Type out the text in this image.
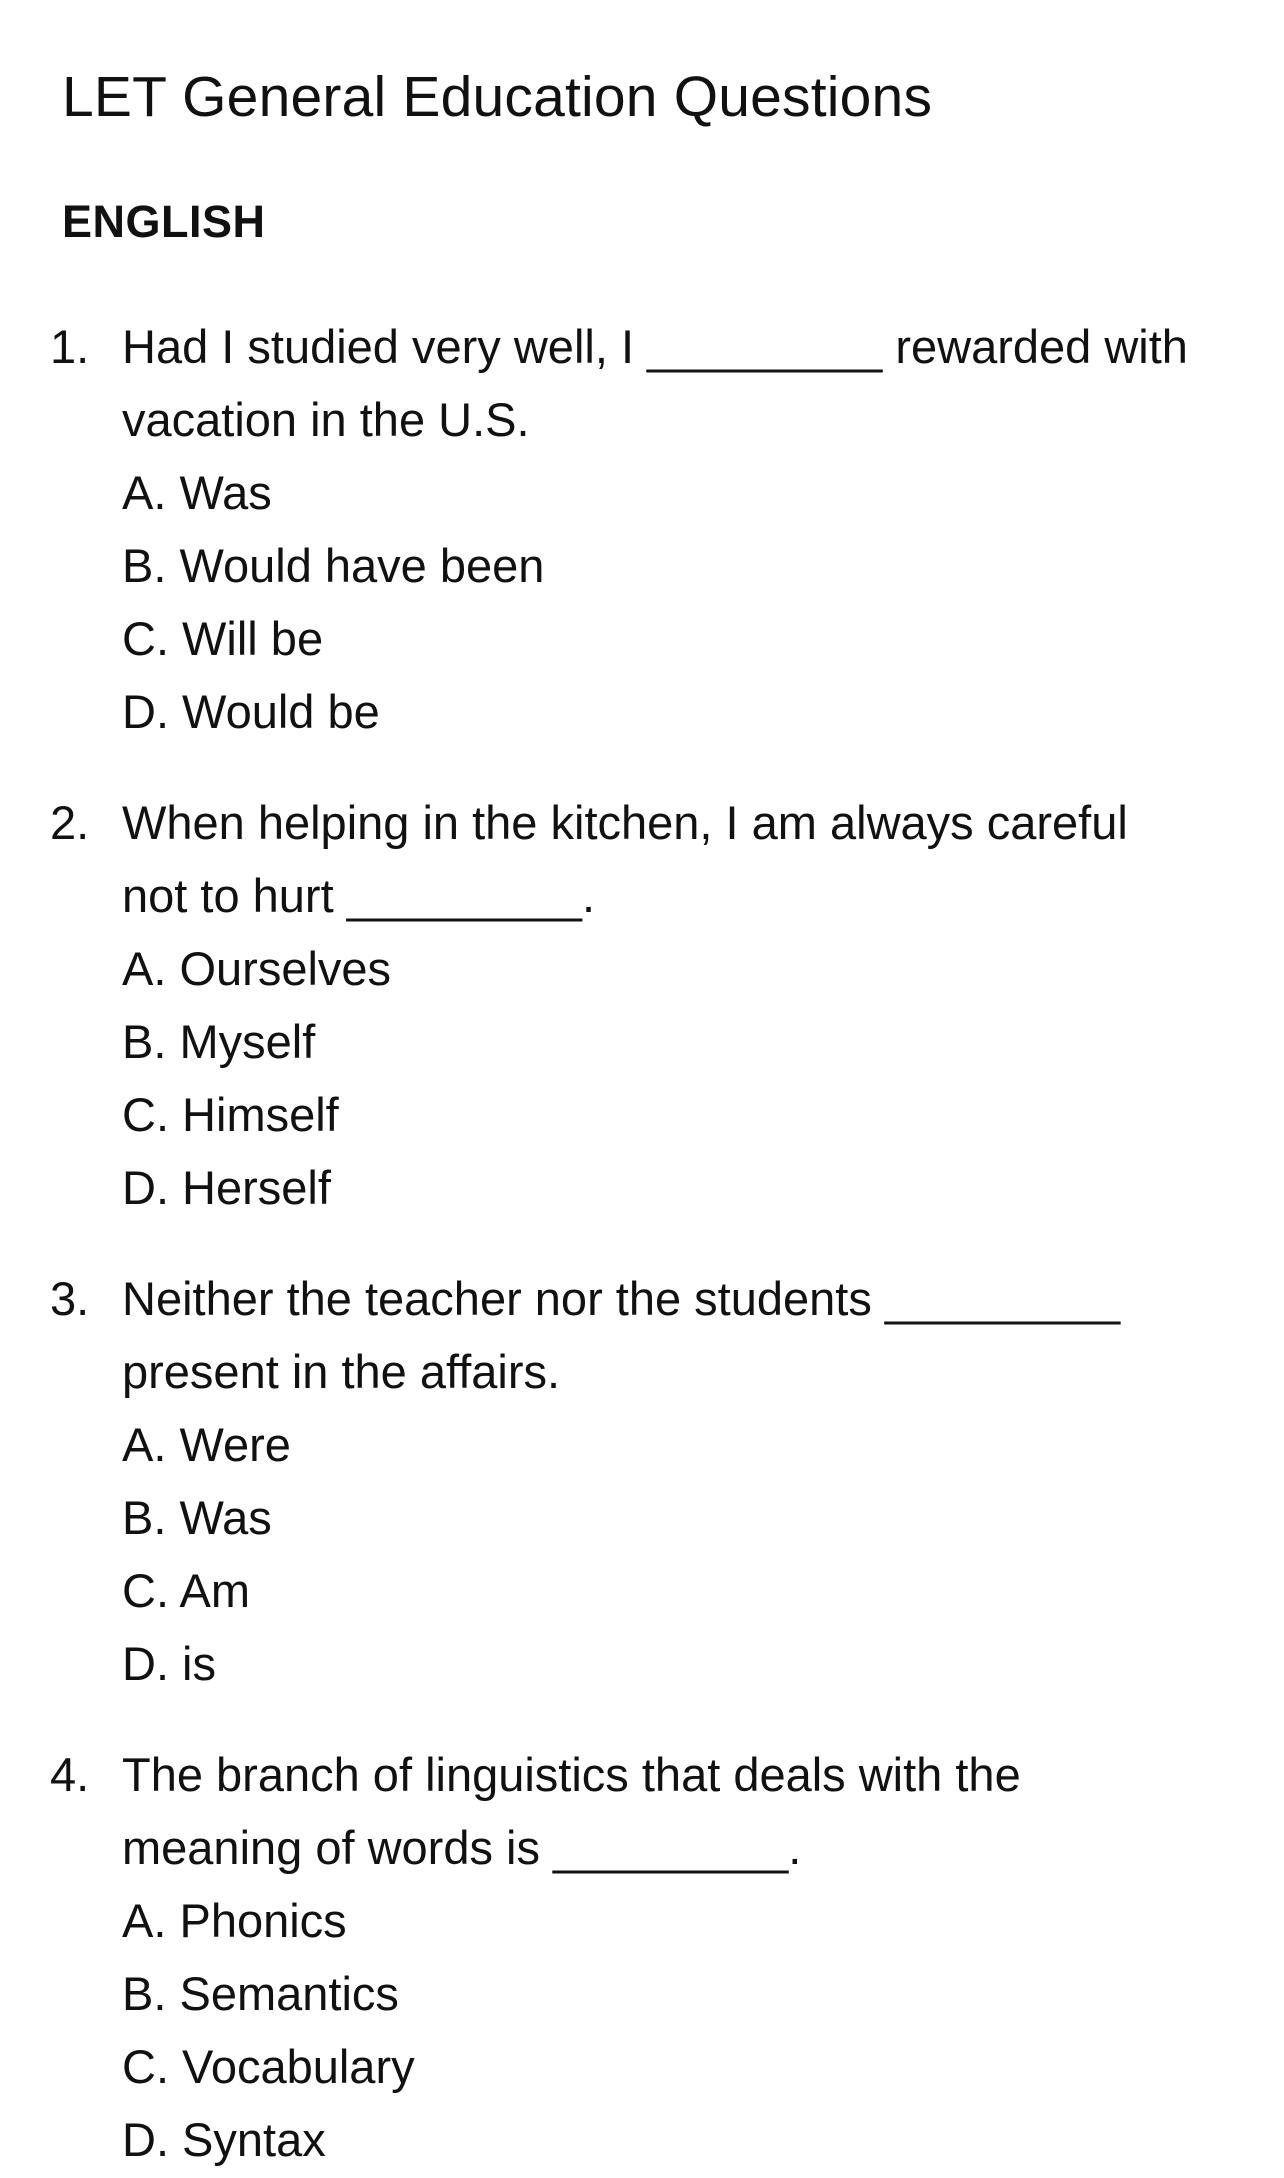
LET General Education Questions
ENGLISH
1. Had I studied very well, I _________ rewarded with
vacation in the U.S.

A. Was
B. Would have been
C. Will be
D. Would be
2. When helping in the kitchen, I am always careful
not to hurt _________.

A. Ourselves
B. Myself
C. Himself
D. Herself
3. Neither the teacher nor the students _________
present in the affairs.

A. Were
B. Was
C. Am
D. is
4. The branch of linguistics that deals with the
meaning of words is _________.

A. Phonics
B. Semantics
C. Vocabulary
D. Syntax
